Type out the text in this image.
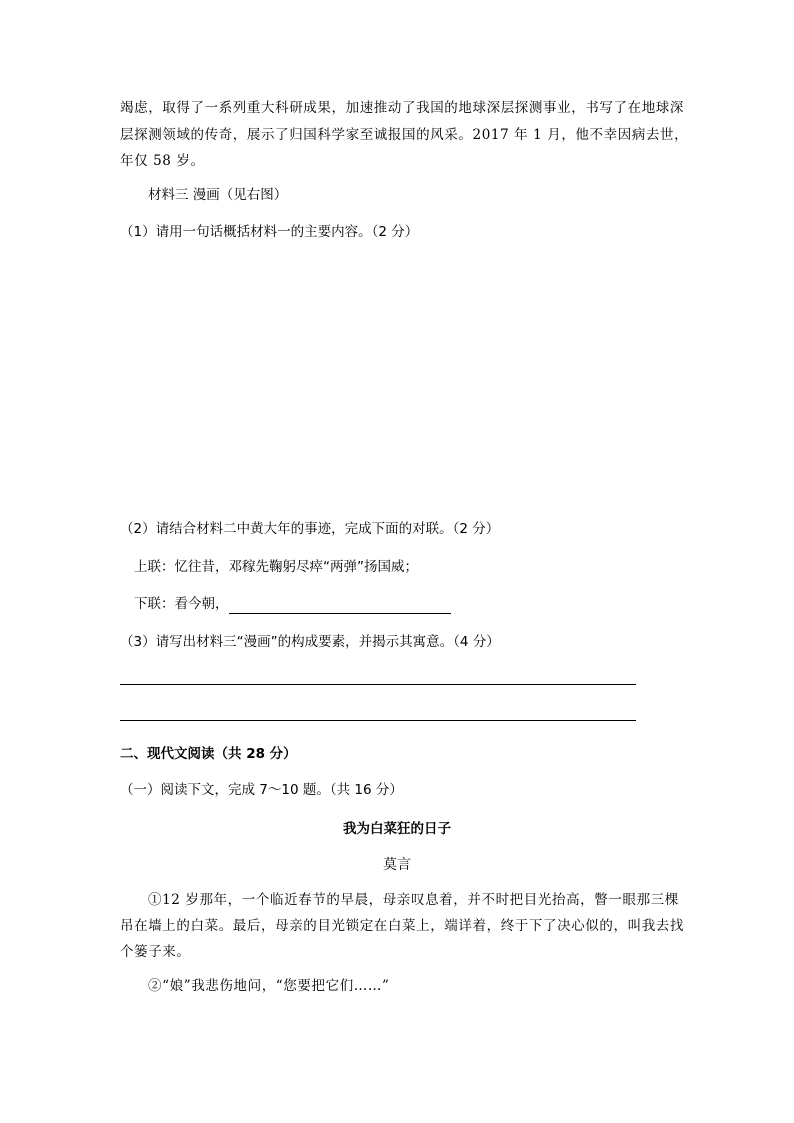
竭虑，取得了一系列重大科研成果，加速推动了我国的地球深层探测事业，书写了在地球深
层探测领域的传奇，展示了归国科学家至诚报国的风采。2017 年 1 月，他不幸因病去世，
年仅 58 岁。
材料三 漫画（见右图）
（1）请用一句话概括材料一的主要内容。（2 分）
（2）请结合材料二中黄大年的事迹，完成下面的对联。（2 分）
上联：忆往昔，邓稼先鞠躬尽瘁“两弹”扬国威；
下联：看今朝，
（3）请写出材料三“漫画”的构成要素，并揭示其寓意。（4 分）
二、现代文阅读（共 28 分）
（一）阅读下文，完成 7～10 题。（共 16 分）
我为白菜狂的日子
莫言
①12 岁那年，一个临近春节的早晨，母亲叹息着，并不时把目光抬高，瞥一眼那三棵
吊在墙上的白菜。最后，母亲的目光锁定在白菜上，端详着，终于下了决心似的，叫我去找
个篓子来。
②“娘”我悲伤地问，“您要把它们……”
